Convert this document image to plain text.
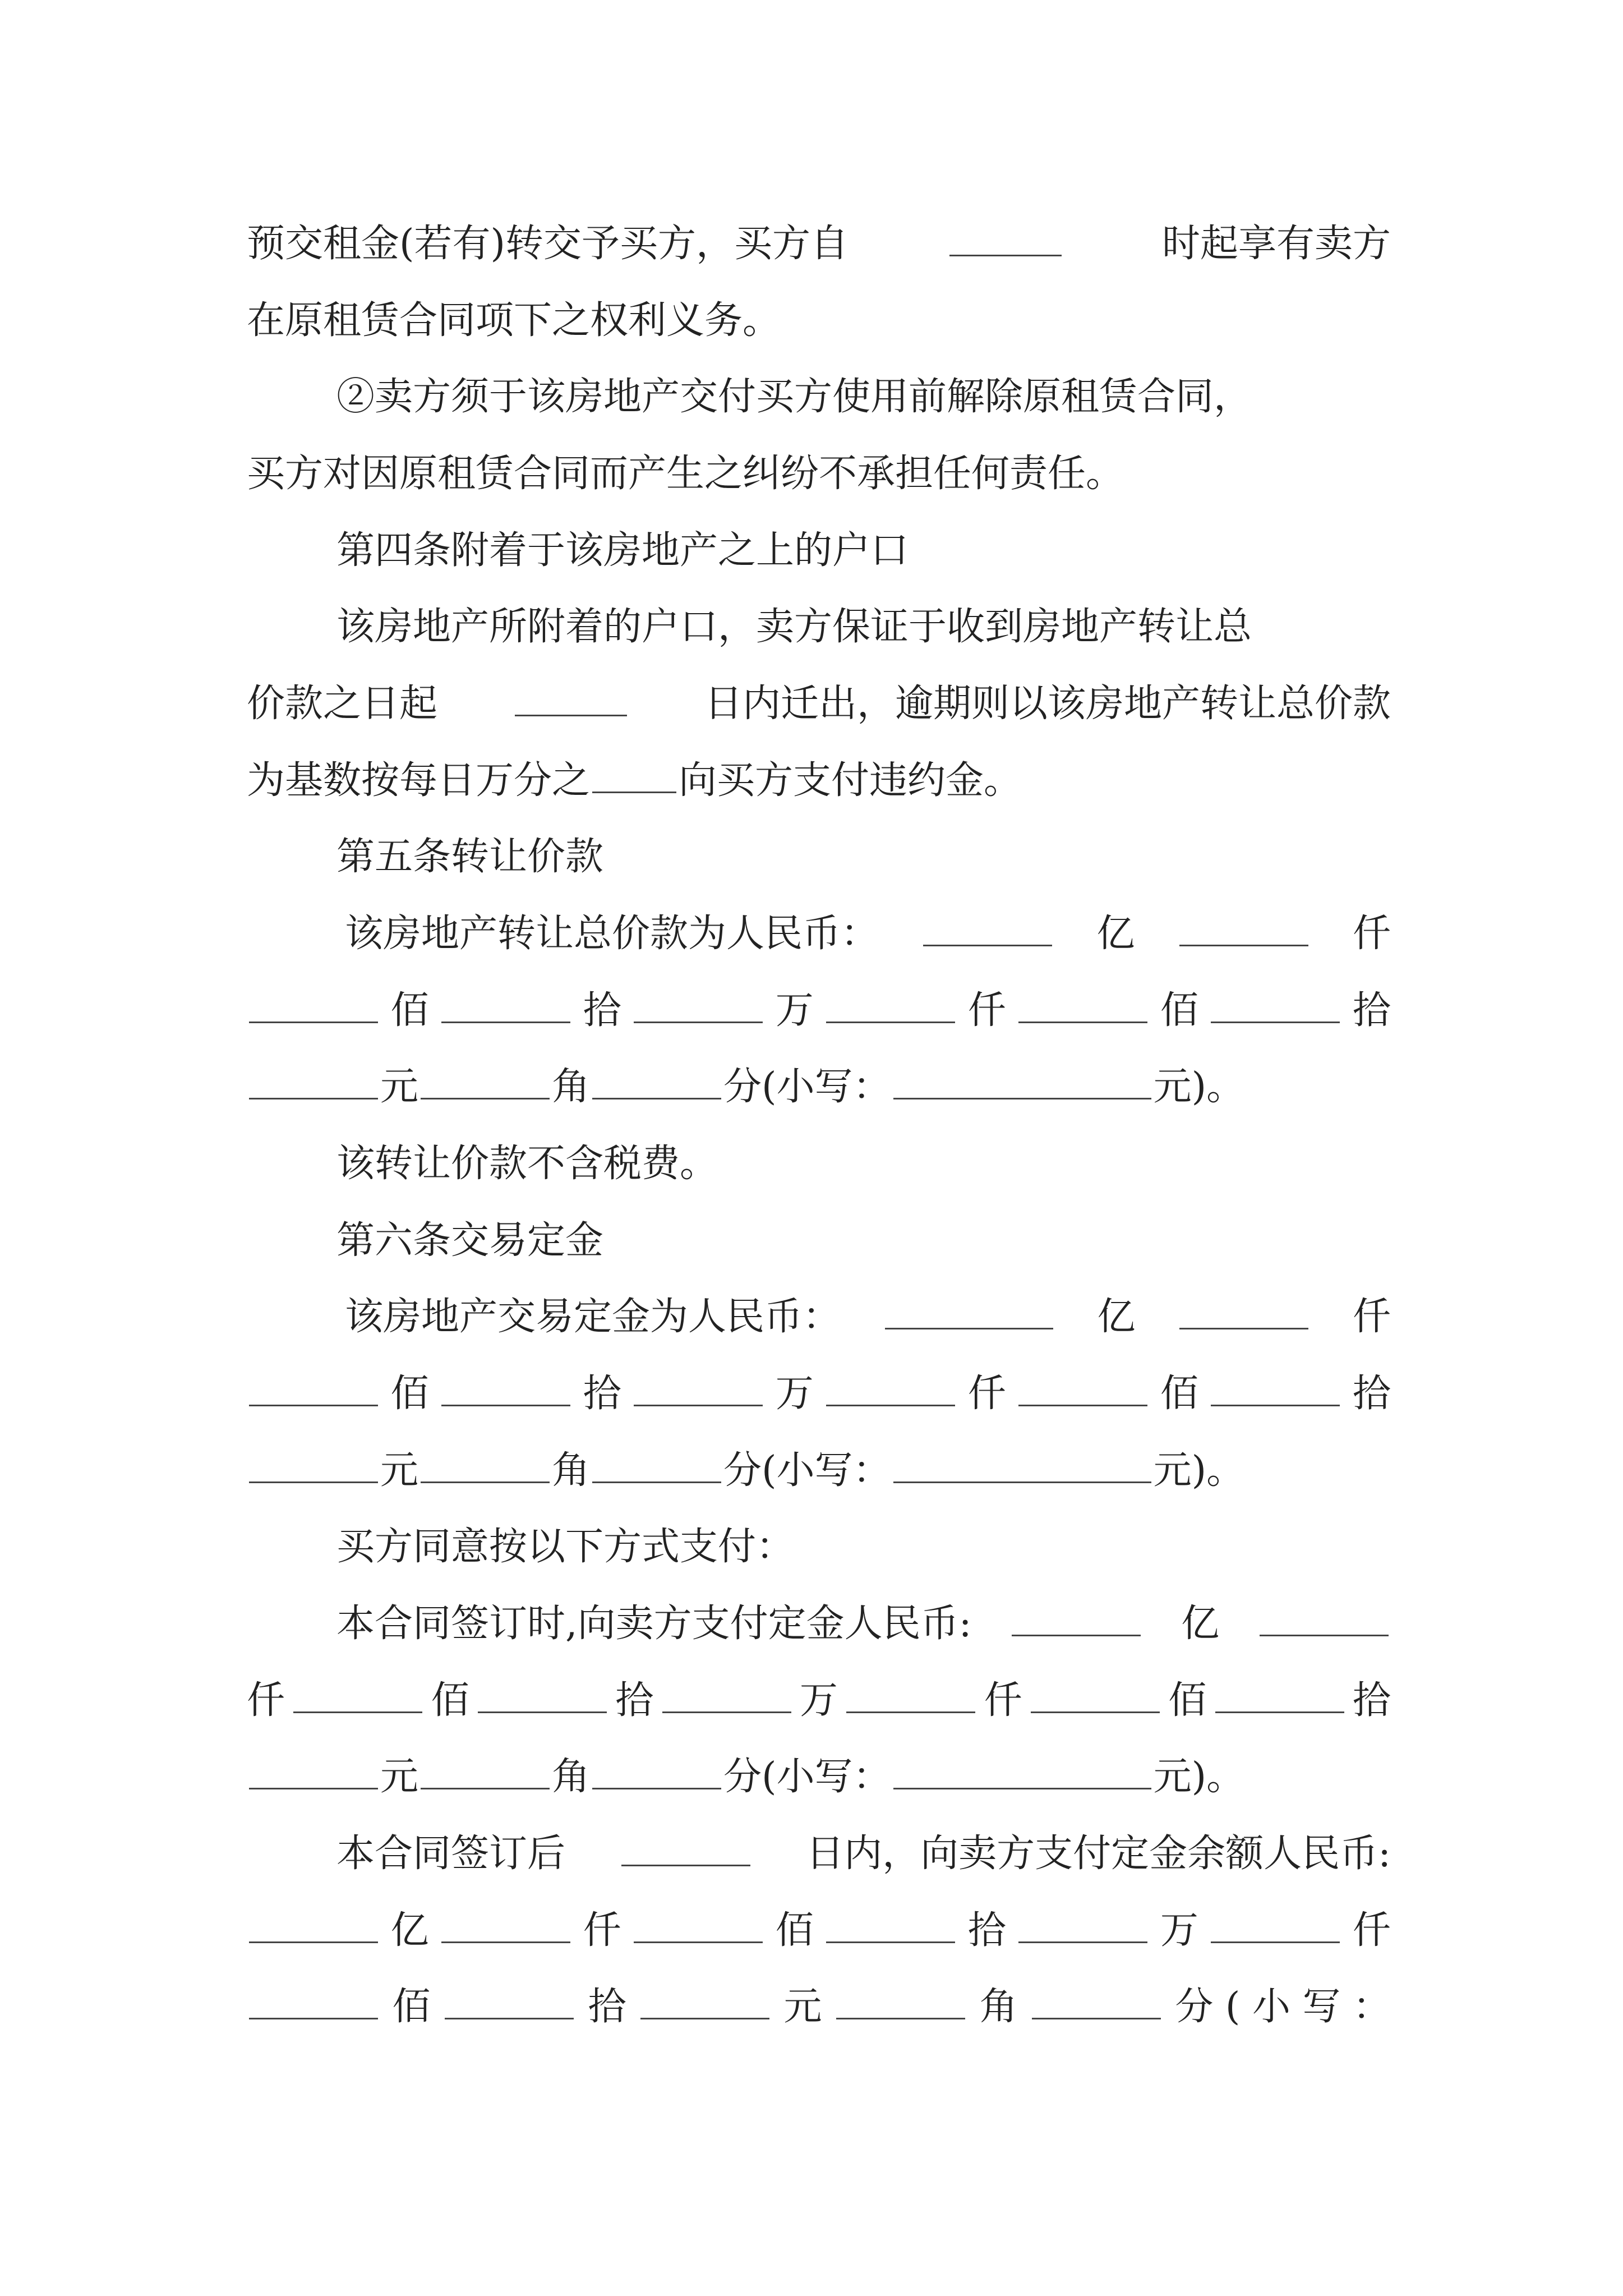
预交租金(若有)转交予买方，买方自	时起享有卖方
在原租赁合同项下之权利义务。
②卖方须于该房地产交付买方使用前解除原租赁合同，
买方对因原租赁合同而产生之纠纷不承担任何责任。
第四条附着于该房地产之上的户口
该房地产所附着的户口，卖方保证于收到房地产转让总
价款之日起	日内迁出，逾期则以该房地产转让总价款
为基数按每日万分之 向买方支付违约金。
第五条转让价款
该房地产转让总价款为人民币：	亿	仟
佰	拾	万	仟	佰	拾
元	角	分(小写：	元)。
该转让价款不含税费。
第六条交易定金
该房地产交易定金为人民币：	亿	仟
佰	拾	万	仟	佰	拾
元	角	分(小写：	元)。
买方同意按以下方式支付：
本合同签订时,向卖方支付定金人民币:	亿
仟	佰	拾	万	仟	佰	拾
元	角	分(小写：	元)。
本合同签订后	日内，向卖方支付定金余额人民币:
亿	仟	佰	拾	万	仟
佰	拾	元	角	分 ( 小 写 ：
